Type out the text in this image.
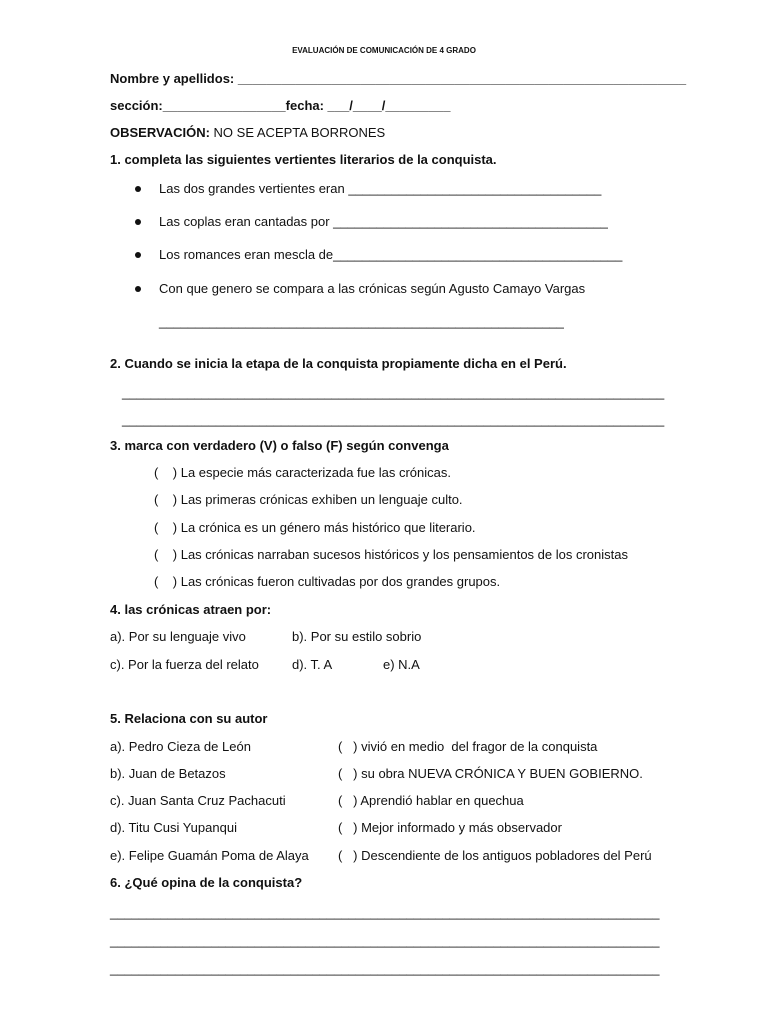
EVALUACIÓN DE COMUNICACIÓN DE 4 GRADO
Nombre y apellidos: ______________________________________________________________
sección:_________________fecha: ___/____/_________
OBSERVACIÓN: NO SE ACEPTA BORRONES
1. completa las siguientes vertientes literarios de la conquista.
Las dos grandes vertientes eran ___________________________________
Las coplas eran cantadas por ______________________________________
Los romances eran mescla de________________________________________
Con que genero se compara a las crónicas según Agusto Camayo Vargas
________________________________________________________
2. Cuando se inicia la etapa de la conquista propiamente dicha en el Perú.
___________________________________________________________________________
___________________________________________________________________________
3. marca con verdadero (V) o falso (F) según convenga
(    ) La especie más caracterizada fue las crónicas.
(    ) Las primeras crónicas exhiben un lenguaje culto.
(    ) La crónica es un género más histórico que literario.
(    ) Las crónicas narraban sucesos históricos y los pensamientos de los cronistas
(    ) Las crónicas fueron cultivadas por dos grandes grupos.
4. las crónicas atraen por:
a). Por su lenguaje vivo	b). Por su estilo sobrio
c). Por la fuerza del relato	d). T. A	e) N.A
5. Relaciona con su autor
a). Pedro Cieza de León	(   ) vivió en medio  del fragor de la conquista
b). Juan de Betazos	(   ) su obra NUEVA CRÓNICA Y BUEN GOBIERNO.
c). Juan Santa Cruz Pachacuti	(   ) Aprendió hablar en quechua
d). Titu Cusi Yupanqui	(   ) Mejor informado y más observador
e). Felipe Guamán Poma de Alaya (   ) Descendiente de los antiguos pobladores del Perú
6. ¿Qué opina de la conquista?
____________________________________________________________________________
____________________________________________________________________________
____________________________________________________________________________
